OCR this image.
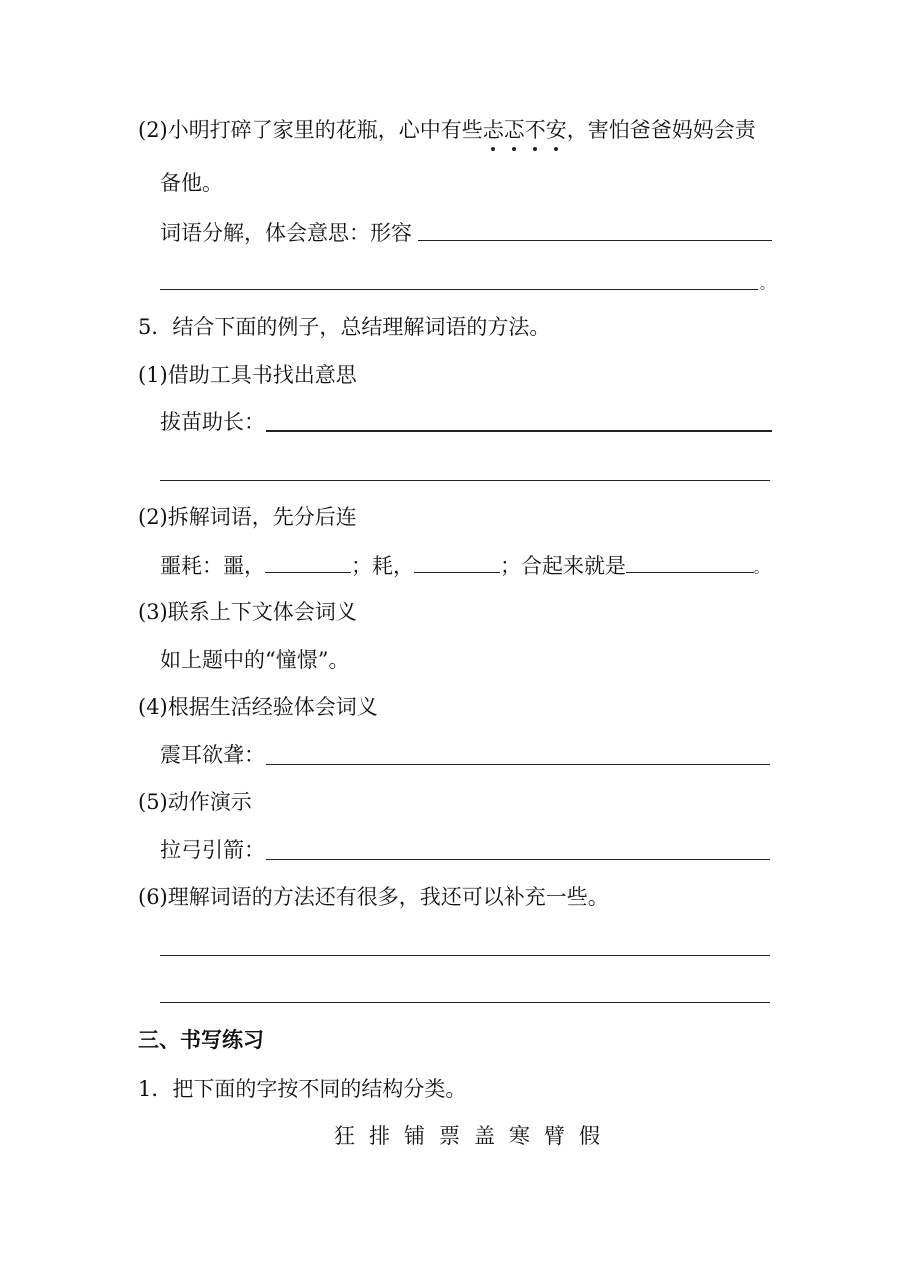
(2)小明打碎了家里的花瓶，心中有些忐忑不安，害怕爸爸妈妈会责
备他。
词语分解，体会意思：形容
。
5．结合下面的例子，总结理解词语的方法。
(1)借助工具书找出意思
拔苗助长：
(2)拆解词语，先分后连
噩耗：噩，	；耗，	；合起来就是	。
(3)联系上下文体会词义
如上题中的“憧憬”。
(4)根据生活经验体会词义
震耳欲聋：
(5)动作演示
拉弓引箭：
(6)理解词语的方法还有很多，我还可以补充一些。
三、书写练习
1．把下面的字按不同的结构分类。
狂 排 铺 票 盖 寒 臂 假
